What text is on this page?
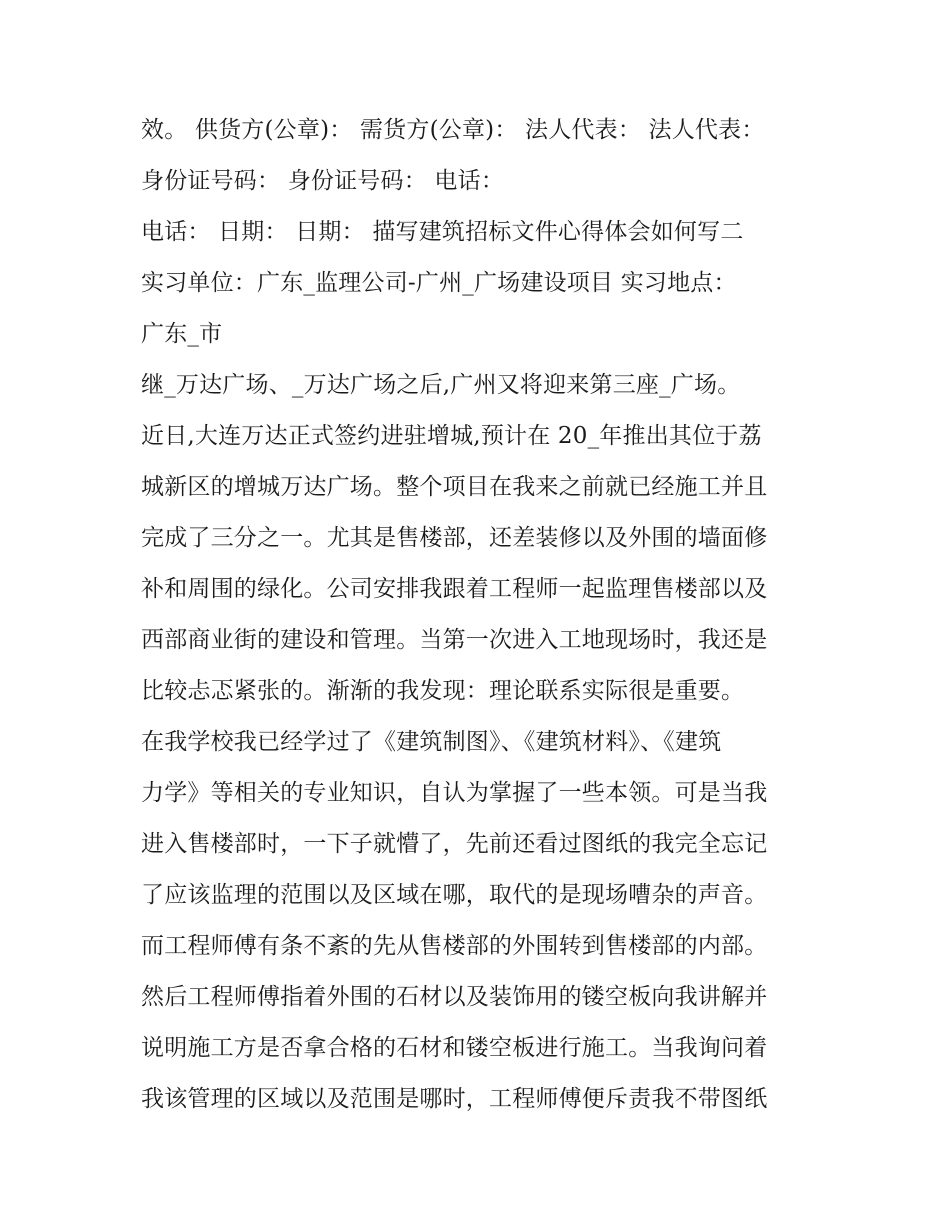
效。 供货方(公章)： 需货方(公章)： 法人代表： 法人代表：
身份证号码： 身份证号码： 电话：
电话： 日期： 日期： 描写建筑招标文件心得体会如何写二
实习单位：广东_监理公司-广州_广场建设项目 实习地点：
广东_市
继_万达广场、_万达广场之后,广州又将迎来第三座_广场。
近日,大连万达正式签约进驻增城,预计在 20_年推出其位于荔
城新区的增城万达广场。整个项目在我来之前就已经施工并且
完成了三分之一。尤其是售楼部，还差装修以及外围的墙面修
补和周围的绿化。公司安排我跟着工程师一起监理售楼部以及
西部商业街的建设和管理。当第一次进入工地现场时，我还是
比较忐忑紧张的。渐渐的我发现：理论联系实际很是重要。
在我学校我已经学过了《建筑制图》、《建筑材料》、《建筑
力学》等相关的专业知识，自认为掌握了一些本领。可是当我
进入售楼部时，一下子就懵了，先前还看过图纸的我完全忘记
了应该监理的范围以及区域在哪，取代的是现场嘈杂的声音。
而工程师傅有条不紊的先从售楼部的外围转到售楼部的内部。
然后工程师傅指着外围的石材以及装饰用的镂空板向我讲解并
说明施工方是否拿合格的石材和镂空板进行施工。当我询问着
我该管理的区域以及范围是哪时，工程师傅便斥责我不带图纸
